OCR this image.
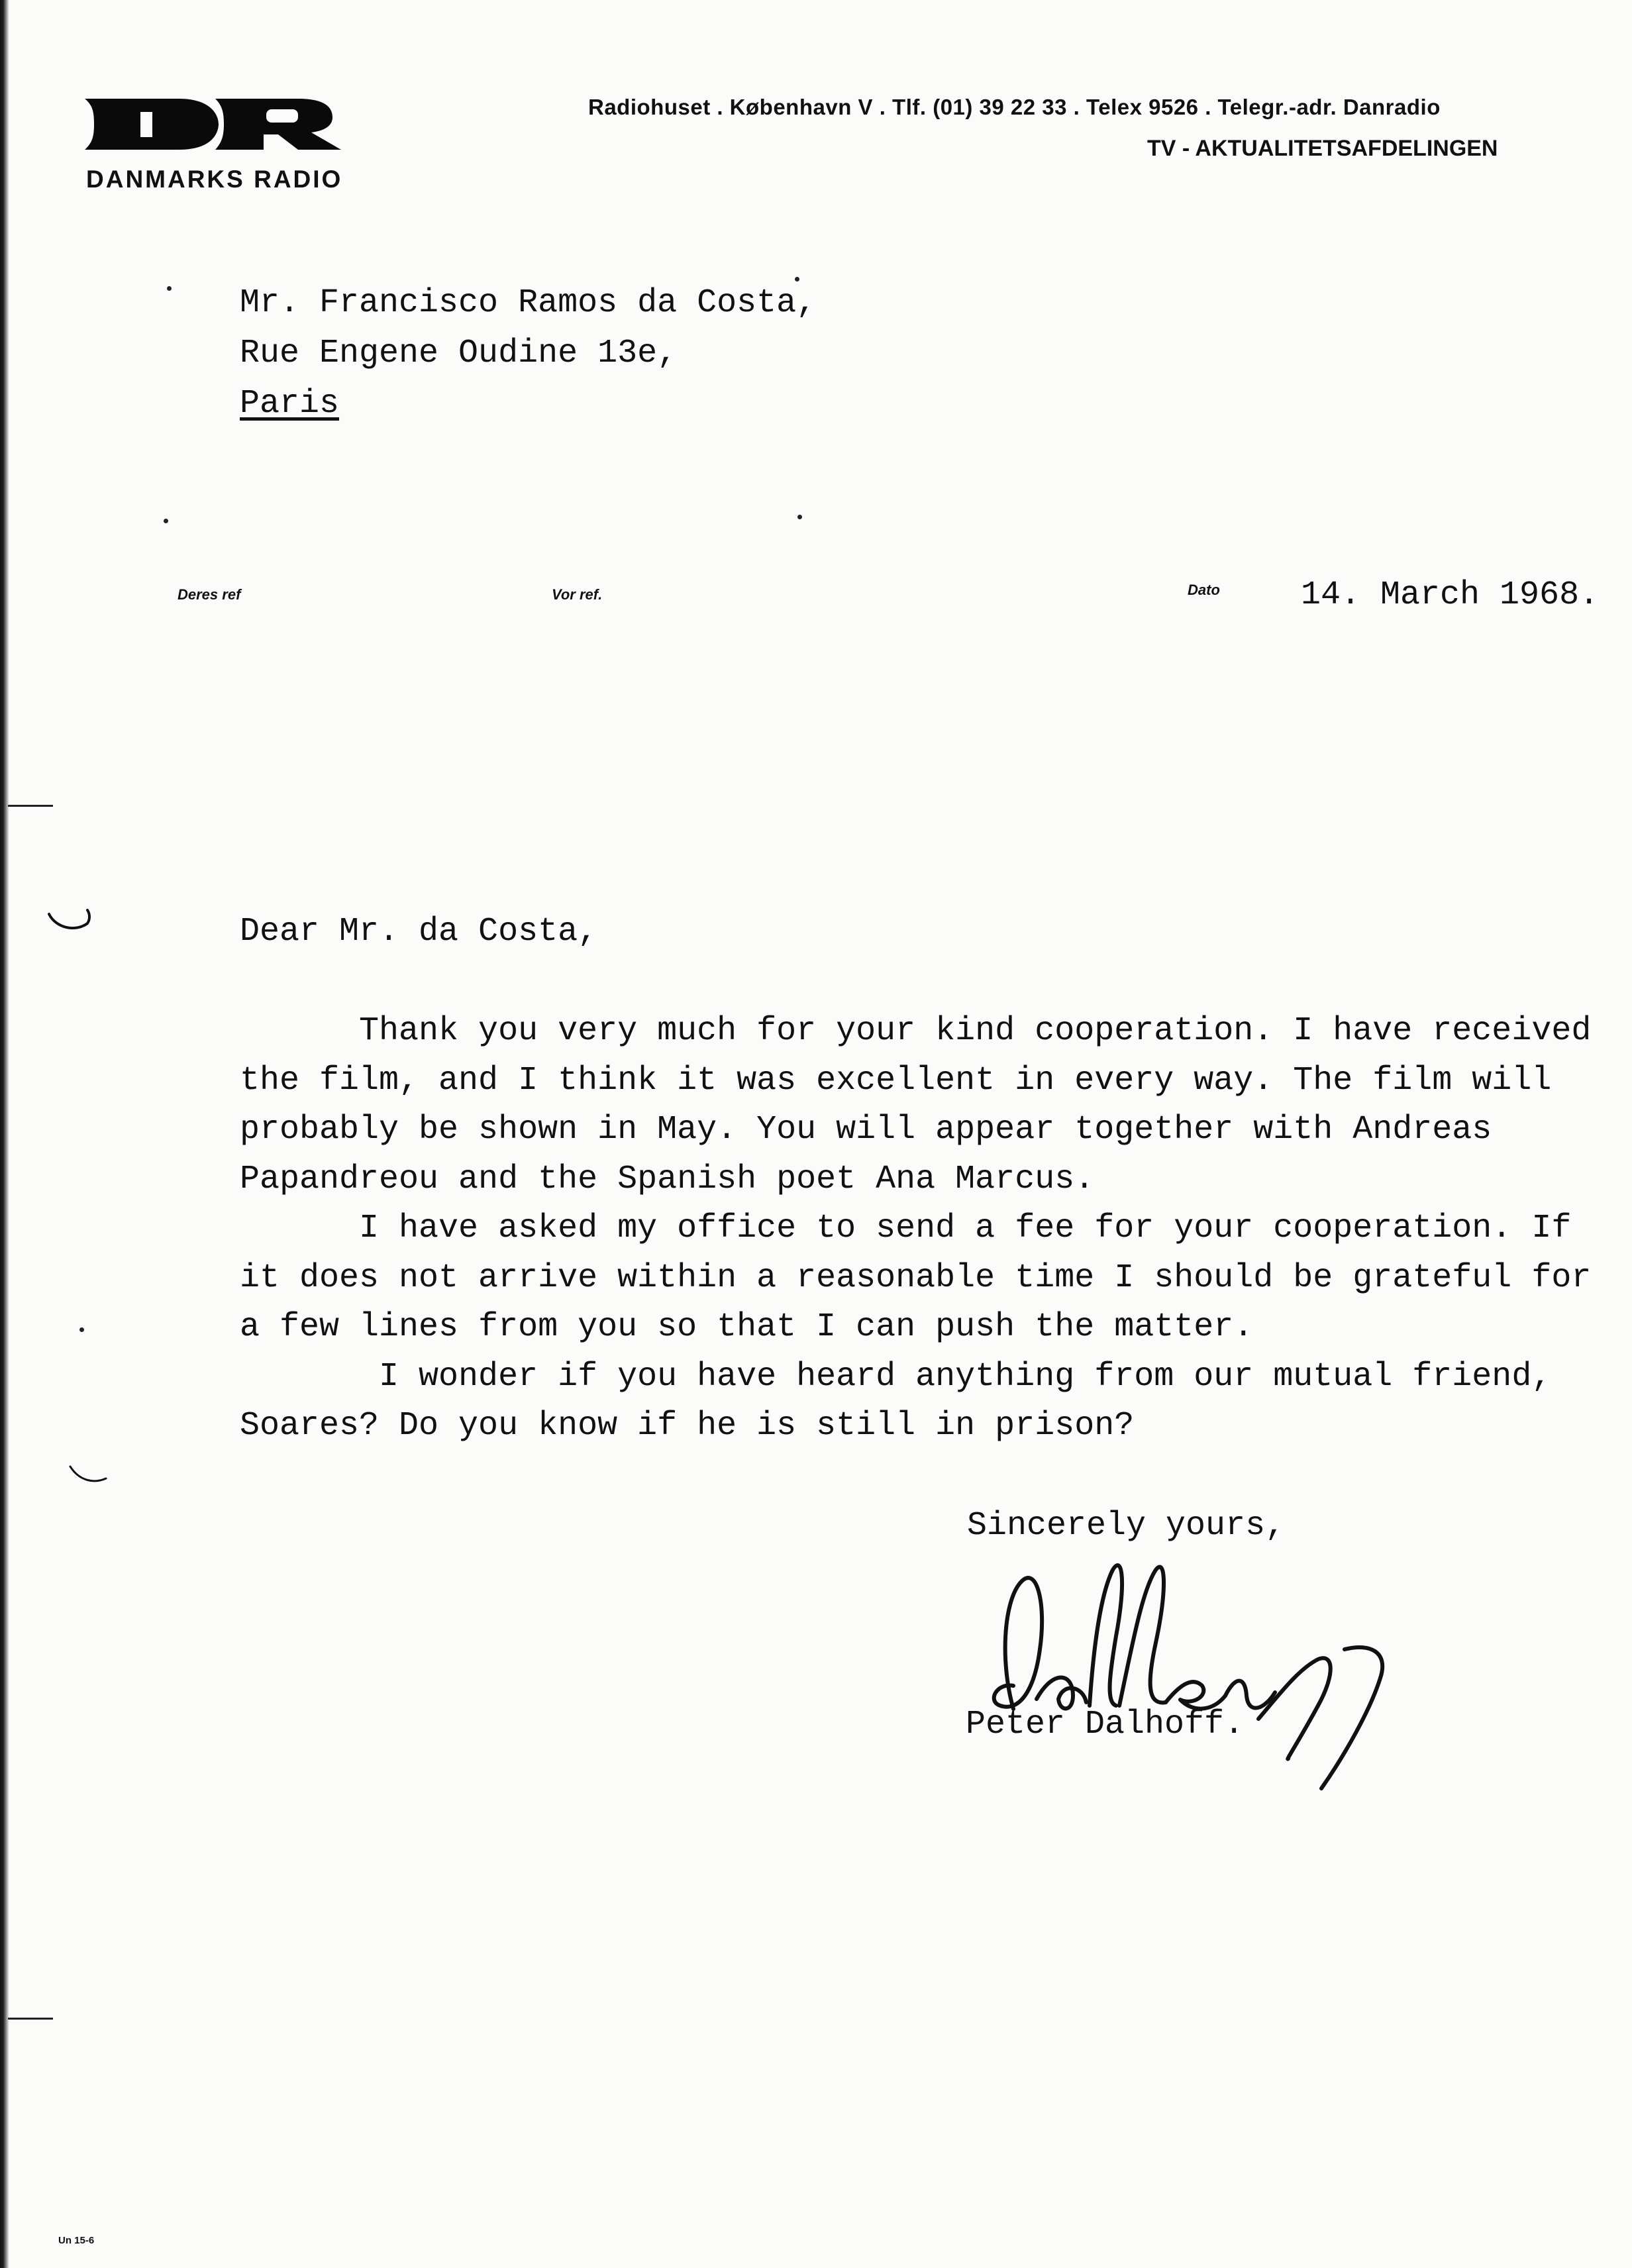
DANMARKS RADIO
Radiohuset . København V . Tlf. (01) 39 22 33 . Telex 9526 . Telegr.-adr. Danradio
TV - AKTUALITETSAFDELINGEN
Mr. Francisco Ramos da Costa,
Rue Engene Oudine 13e,
Paris
Deres ref	Vor ref.	Dato 14. March 1968.
Dear Mr. da Costa,
Thank you very much for your kind cooperation. I have received
the film, and I think it was excellent in every way. The film will
probably be shown in May. You will appear together with Andreas
Papandreou and the Spanish poet Ana Marcus.
I have asked my office to send a fee for your cooperation. If
it does not arrive within a reasonable time I should be grateful for
a few lines from you so that I can push the matter.
I wonder if you have heard anything from our mutual friend,
Soares? Do you know if he is still in prison?
Sincerely yours,
Peter Dalhoff.
Un 15-6
